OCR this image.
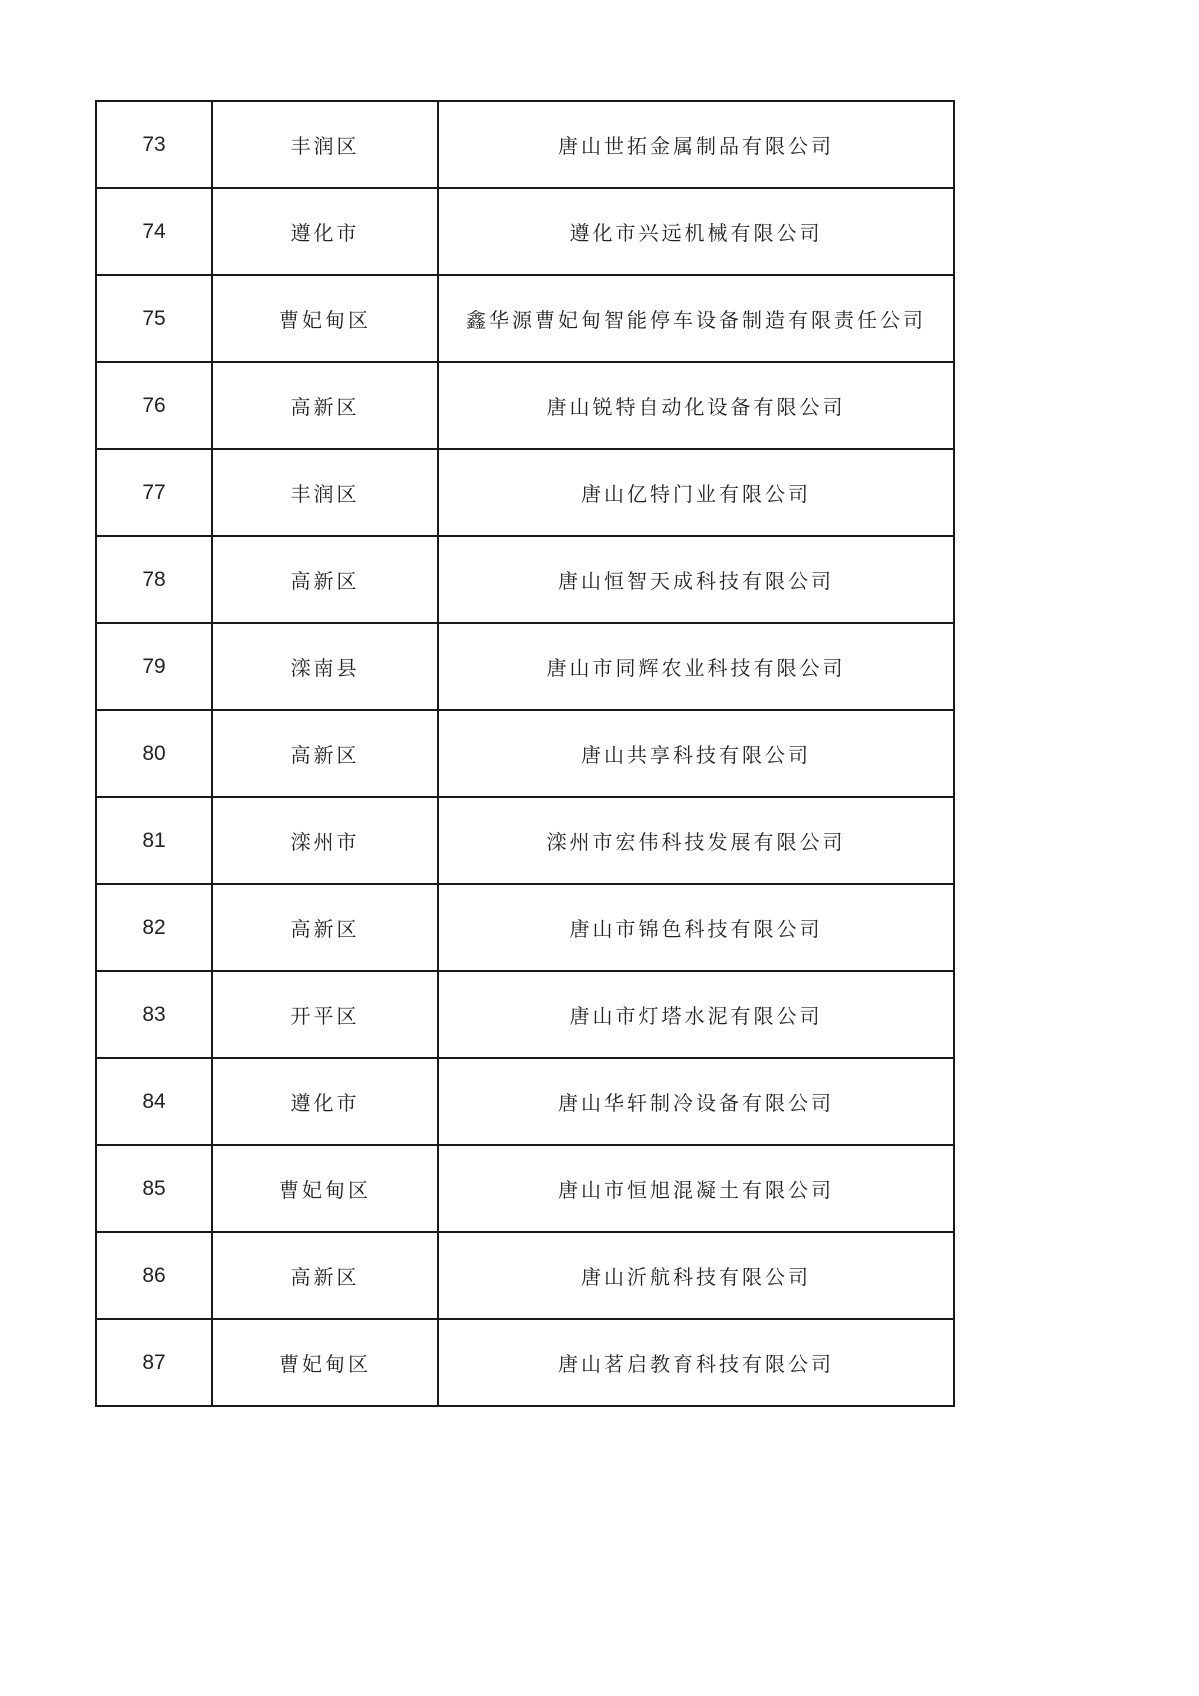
73	丰润区	唐山世拓金属制品有限公司
74	遵化市	遵化市兴远机械有限公司
75	曹妃甸区	鑫华源曹妃甸智能停车设备制造有限责任公司
76	高新区	唐山锐特自动化设备有限公司
77	丰润区	唐山亿特门业有限公司
78	高新区	唐山恒智天成科技有限公司
79	滦南县	唐山市同辉农业科技有限公司
80	高新区	唐山共享科技有限公司
81	滦州市	滦州市宏伟科技发展有限公司
82	高新区	唐山市锦色科技有限公司
83	开平区	唐山市灯塔水泥有限公司
84	遵化市	唐山华轩制冷设备有限公司
85	曹妃甸区	唐山市恒旭混凝土有限公司
86	高新区	唐山沂航科技有限公司
87	曹妃甸区	唐山茗启教育科技有限公司
